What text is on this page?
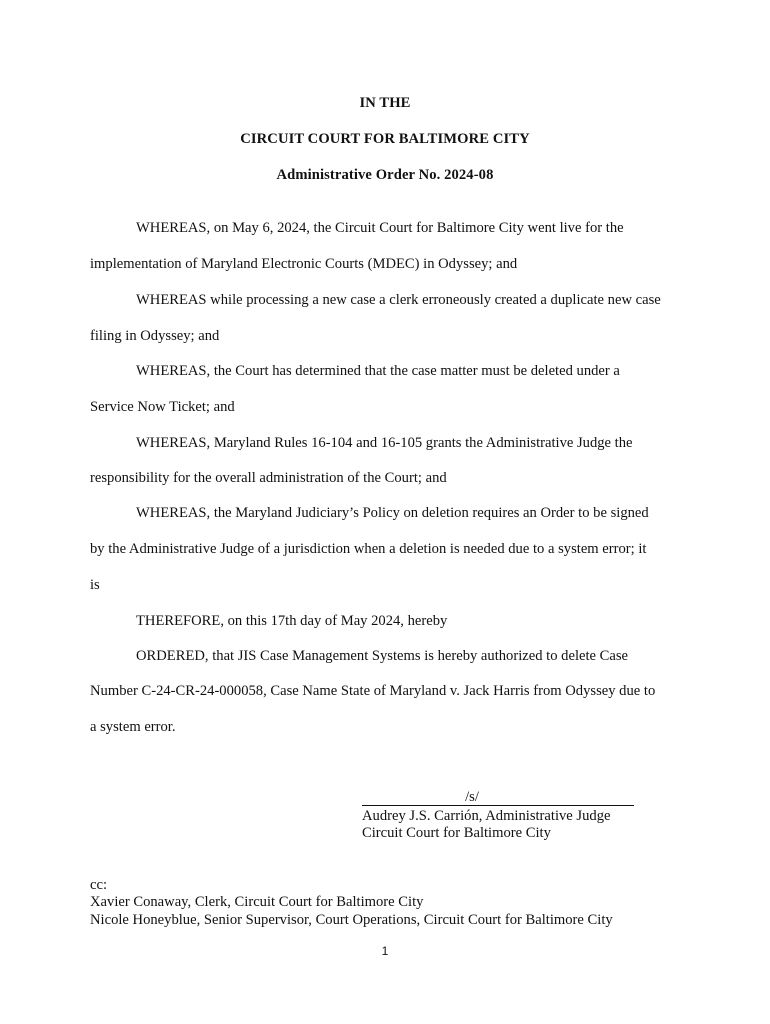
IN THE
CIRCUIT COURT FOR BALTIMORE CITY
Administrative Order No. 2024-08
WHEREAS, on May 6, 2024, the Circuit Court for Baltimore City went live for the
implementation of Maryland Electronic Courts (MDEC) in Odyssey; and
WHEREAS while processing a new case a clerk erroneously created a duplicate new case
filing in Odyssey; and
WHEREAS, the Court has determined that the case matter must be deleted under a
Service Now Ticket; and
WHEREAS, Maryland Rules 16-104 and 16-105 grants the Administrative Judge the
responsibility for the overall administration of the Court; and
WHEREAS, the Maryland Judiciary’s Policy on deletion requires an Order to be signed
by the Administrative Judge of a jurisdiction when a deletion is needed due to a system error; it
is
THEREFORE, on this 17th day of May 2024, hereby
ORDERED, that JIS Case Management Systems is hereby authorized to delete Case
Number C-24-CR-24-000058, Case Name State of Maryland v. Jack Harris from Odyssey due to
a system error.
/s/
Audrey J.S. Carrión, Administrative Judge
Circuit Court for Baltimore City
cc:
Xavier Conaway, Clerk, Circuit Court for Baltimore City
Nicole Honeyblue, Senior Supervisor, Court Operations, Circuit Court for Baltimore City
1
